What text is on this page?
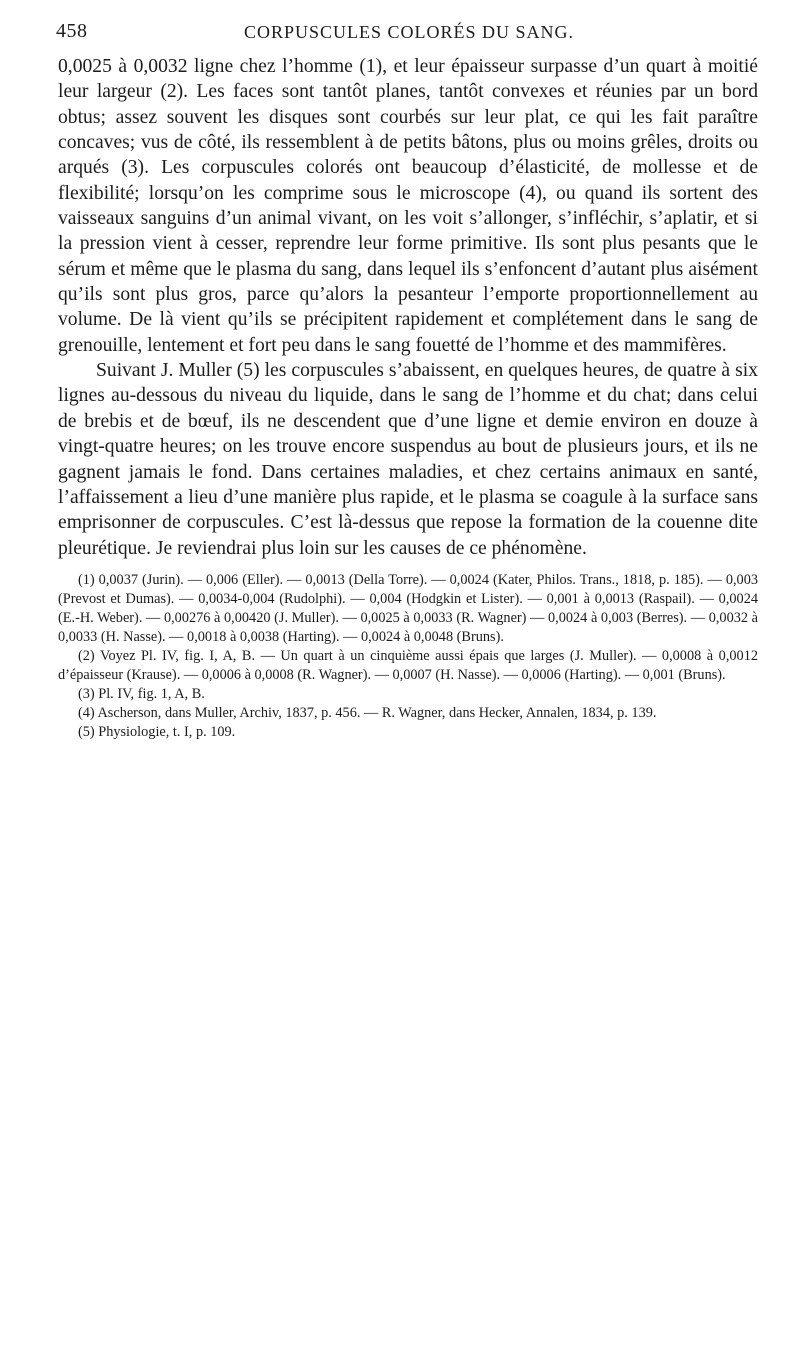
458	CORPUSCULES COLORÉS DU SANG.

0,0025 à 0,0032 ligne chez l’homme (1), et leur épaisseur surpasse d’un quart à moitié leur largeur (2). Les faces sont tantôt planes, tantôt convexes et réunies par un bord obtus; assez souvent les disques sont courbés sur leur plat, ce qui les fait paraître concaves; vus de côté, ils ressemblent à de petits bâtons, plus ou moins grêles, droits ou arqués (3). Les corpuscules colorés ont beaucoup d’élasticité, de mollesse et de flexibilité; lorsqu’on les comprime sous le microscope (4), ou quand ils sortent des vaisseaux sanguins d’un animal vivant, on les voit s’allonger, s’infléchir, s’aplatir, et si la pression vient à cesser, reprendre leur forme primitive. Ils sont plus pesants que le sérum et même que le plasma du sang, dans lequel ils s’enfoncent d’autant plus aisément qu’ils sont plus gros, parce qu’alors la pesanteur l’emporte proportionnellement au volume. De là vient qu’ils se précipitent rapidement et complétement dans le sang de grenouille, lentement et fort peu dans le sang fouetté de l’homme et des mammifères.

Suivant J. Muller (5) les corpuscules s’abaissent, en quelques heures, de quatre à six lignes au-dessous du niveau du liquide, dans le sang de l’homme et du chat; dans celui de brebis et de bœuf, ils ne descendent que d’une ligne et demie environ en douze à vingt-quatre heures; on les trouve encore suspendus au bout de plusieurs jours, et ils ne gagnent jamais le fond. Dans certaines maladies, et chez certains animaux en santé, l’affaissement a lieu d’une manière plus rapide, et le plasma se coagule à la surface sans emprisonner de corpuscules. C’est là-dessus que repose la formation de la couenne dite pleurétique. Je reviendrai plus loin sur les causes de ce phénomène.

(1) 0,0037 (Jurin). — 0,006 (Eller). — 0,0013 (Della Torre). — 0,0024 (Kater, Philos. Trans., 1818, p. 185). — 0,003 (Prevost et Dumas). — 0,0034-0,004 (Rudolphi). — 0,004 (Hodgkin et Lister). — 0,001 à 0,0013 (Raspail). — 0,0024 (E.-H. Weber). — 0,00276 à 0,00420 (J. Muller). — 0,0025 à 0,0033 (R. Wagner) — 0,0024 à 0,003 (Berres). — 0,0032 à 0,0033 (H. Nasse). — 0,0018 à 0,0038 (Harting). — 0,0024 à 0,0048 (Bruns).

(2) Voyez Pl. IV, fig. I, A, B. — Un quart à un cinquième aussi épais que larges (J. Muller). — 0,0008 à 0,0012 d’épaisseur (Krause). — 0,0006 à 0,0008 (R. Wagner). — 0,0007 (H. Nasse). — 0,0006 (Harting). — 0,001 (Bruns).

(3) Pl. IV, fig. 1, A, B.

(4) Ascherson, dans Muller, Archiv, 1837, p. 456. — R. Wagner, dans Hecker, Annalen, 1834, p. 139.

(5) Physiologie, t. I, p. 109.
